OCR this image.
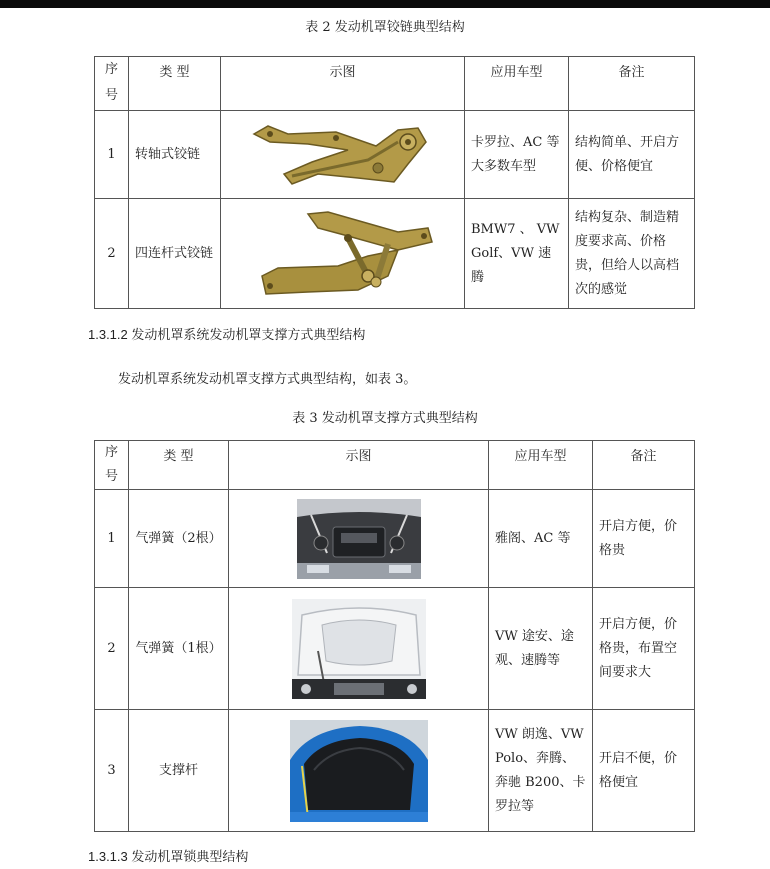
表 2 发动机罩铰链典型结构
序号	类 型	示图	应用车型	备注
1	转轴式铰链		卡罗拉、AC 等大多数车型	结构简单、开启方便、价格便宜
2	四连杆式铰链		BMW7 、 VW Golf、VW 速腾	结构复杂、制造精度要求高、价格贵，但给人以高档次的感觉
1.3.1.2 发动机罩系统发动机罩支撑方式典型结构
发动机罩系统发动机罩支撑方式典型结构，如表 3。
表 3 发动机罩支撑方式典型结构
序号	类 型	示图	应用车型	备注
1	气弹簧（2根）		雅阁、AC 等	开启方便，价格贵
2	气弹簧（1根）		VW 途安、途观、速腾等	开启方便，价格贵，布置空间要求大
3	支撑杆		VW 朗逸、VW Polo、奔腾、奔驰 B200、卡罗拉等	开启不便，价格便宜
1.3.1.3 发动机罩锁典型结构
